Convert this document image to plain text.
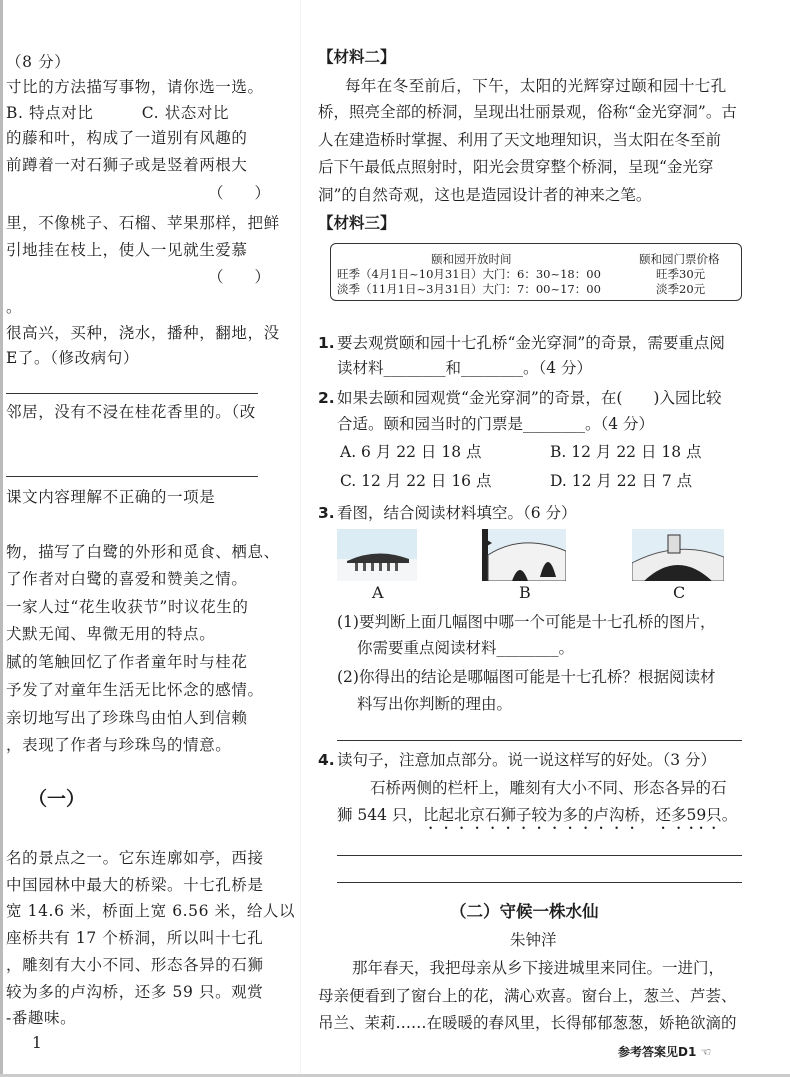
（8 分）
寸比的方法描写事物，请你选一选。
B. 特点对比　　　C. 状态对比
的藤和叶，构成了一道别有风趣的
前蹲着一对石狮子或是竖着两根大
（　　）
里，不像桃子、石榴、苹果那样，把鲜
引地挂在枝上，使人一见就生爱慕
（　　）
。
很高兴，买种，浇水，播种，翻地，没
E了。（修改病句）
邻居，没有不浸在桂花香里的。（改
课文内容理解不正确的一项是
物，描写了白鹭的外形和觅食、栖息、
了作者对白鹭的喜爱和赞美之情。
一家人过“花生收获节”时议花生的
犬默无闻、卑微无用的特点。
腻的笔触回忆了作者童年时与桂花
予发了对童年生活无比怀念的感情。
亲切地写出了珍珠鸟由怕人到信赖
，表现了作者与珍珠鸟的情意。
（一）
名的景点之一。它东连廓如亭，西接
中国园林中最大的桥梁。十七孔桥是
宽 14.6 米，桥面上宽 6.56 米，给人以
座桥共有 17 个桥洞，所以叫十七孔
，雕刻有大小不同、形态各异的石狮
较为多的卢沟桥，还多 59 只。观赏
-番趣味。
1
【材料二】
每年在冬至前后，下午，太阳的光辉穿过颐和园十七孔
桥，照亮全部的桥洞，呈现出壮丽景观，俗称“金光穿洞”。古
人在建造桥时掌握、利用了天文地理知识，当太阳在冬至前
后下午最低点照射时，阳光会贯穿整个桥洞，呈现“金光穿
洞”的自然奇观，这也是造园设计者的神来之笔。
【材料三】
颐和园开放时间	颐和园门票价格
旺季（4月1日~10月31日）大门：6：30~18：00	旺季30元
淡季（11月1日~3月31日）大门：7：00~17：00	淡季20元
1. 要去观赏颐和园十七孔桥“金光穿洞”的奇景，需要重点阅
读材料________和________。（4 分）
2. 如果去颐和园观赏“金光穿洞”的奇景，在(　　)入园比较
合适。颐和园当时的门票是________。（4 分）
A. 6 月 22 日 18 点	B. 12 月 22 日 18 点
C. 12 月 22 日 16 点	D. 12 月 22 日 7 点
3. 看图，结合阅读材料填空。（6 分）
A	B	C
(1)要判断上面几幅图中哪一个可能是十七孔桥的图片，
你需要重点阅读材料________。
(2)你得出的结论是哪幅图可能是十七孔桥？根据阅读材
料写出你判断的理由。
4. 读句子，注意加点部分。说一说这样写的好处。（3 分）
石桥两侧的栏杆上，雕刻有大小不同、形态各异的石
狮 544 只，比起北京石狮子较为多的卢沟桥，还多59只。
（二）守候一株水仙
朱钟洋
那年春天，我把母亲从乡下接进城里来同住。一进门，
母亲便看到了窗台上的花，满心欢喜。窗台上，葱兰、芦荟、
吊兰、茉莉……在暖暖的春风里，长得郁郁葱葱，娇艳欲滴的
参考答案见D1 ☜
